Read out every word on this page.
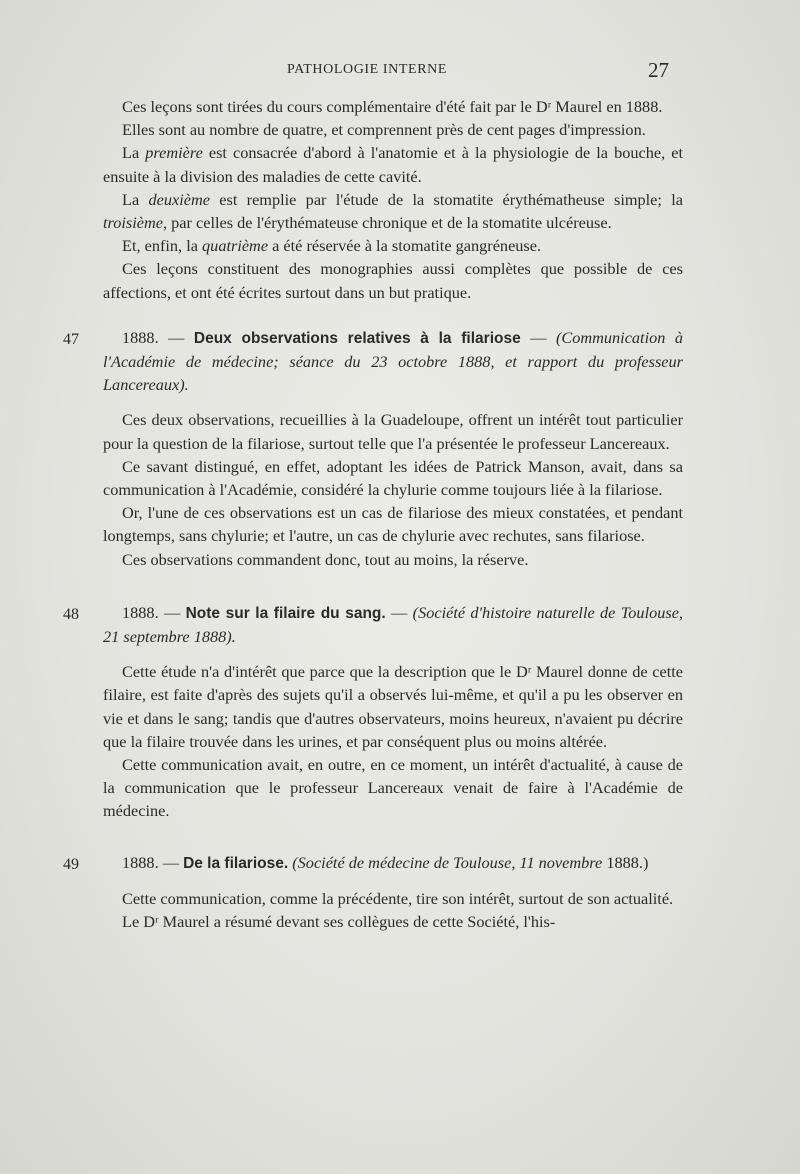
PATHOLOGIE INTERNE	27

Ces leçons sont tirées du cours complémentaire d'été fait par le Dʳ Maurel en 1888.

Elles sont au nombre de quatre, et comprennent près de cent pages d'impression.

La première est consacrée d'abord à l'anatomie et à la physiologie de la bouche, et ensuite à la division des maladies de cette cavité.

La deuxième est remplie par l'étude de la stomatite érythématheuse simple; la troisième, par celles de l'érythémateuse chronique et de la stomatite ulcéreuse.

Et, enfin, la quatrième a été réservée à la stomatite gangréneuse.

Ces leçons constituent des monographies aussi complètes que possible de ces affections, et ont été écrites surtout dans un but pratique.

47	1888. — Deux observations relatives à la filariose — (Communication à l'Académie de médecine; séance du 23 octobre 1888, et rapport du professeur Lancereaux).

Ces deux observations, recueillies à la Guadeloupe, offrent un intérêt tout particulier pour la question de la filariose, surtout telle que l'a présentée le professeur Lancereaux.

Ce savant distingué, en effet, adoptant les idées de Patrick Manson, avait, dans sa communication à l'Académie, considéré la chylurie comme toujours liée à la filariose.

Or, l'une de ces observations est un cas de filariose des mieux constatées, et pendant longtemps, sans chylurie; et l'autre, un cas de chylurie avec rechutes, sans filariose.

Ces observations commandent donc, tout au moins, la réserve.

48	1888. — Note sur la filaire du sang. — (Société d'histoire naturelle de Toulouse, 21 septembre 1888).

Cette étude n'a d'intérêt que parce que la description que le Dʳ Maurel donne de cette filaire, est faite d'après des sujets qu'il a observés lui-même, et qu'il a pu les observer en vie et dans le sang; tandis que d'autres observateurs, moins heureux, n'avaient pu décrire que la filaire trouvée dans les urines, et par conséquent plus ou moins altérée.

Cette communication avait, en outre, en ce moment, un intérêt d'actualité, à cause de la communication que le professeur Lancereaux venait de faire à l'Académie de médecine.

49	1888. — De la filariose. (Société de médecine de Toulouse, 11 novembre 1888.)

Cette communication, comme la précédente, tire son intérêt, surtout de son actualité.

Le Dʳ Maurel a résumé devant ses collègues de cette Société, l'his-
